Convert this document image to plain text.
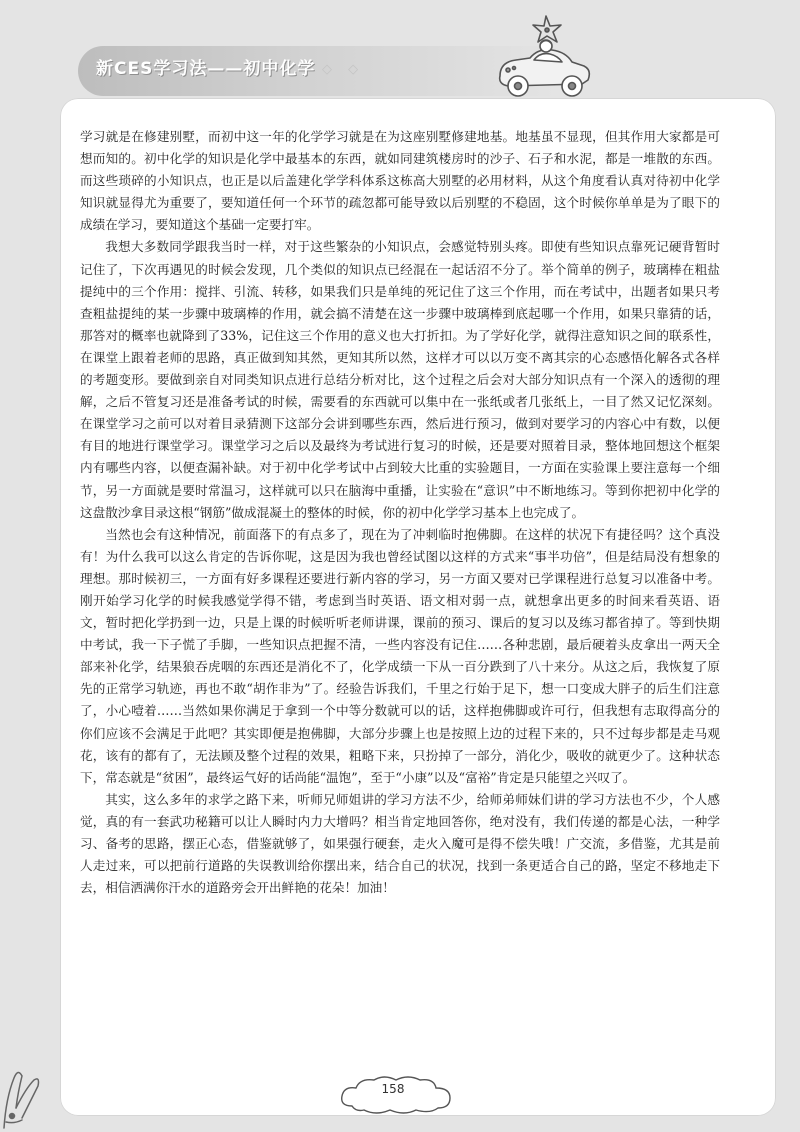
新CES学习法——初中化学 ◇ ◇

学习就是在修建别墅，而初中这一年的化学学习就是在为这座别墅修建地基。地基虽不显现，但其作用大家都是可想而知的。初中化学的知识是化学中最基本的东西，就如同建筑楼房时的沙子、石子和水泥，都是一堆散的东西。而这些琐碎的小知识点，也正是以后盖建化学学科体系这栋高大别墅的必用材料，从这个角度看认真对待初中化学知识就显得尤为重要了，要知道任何一个环节的疏忽都可能导致以后别墅的不稳固，这个时候你单单是为了眼下的成绩在学习，要知道这个基础一定要打牢。

我想大多数同学跟我当时一样，对于这些繁杂的小知识点，会感觉特别头疼。即使有些知识点靠死记硬背暂时记住了，下次再遇见的时候会发现，几个类似的知识点已经混在一起话沼不分了。举个简单的例子，玻璃棒在粗盐提纯中的三个作用：搅拌、引流、转移，如果我们只是单纯的死记住了这三个作用，而在考试中，出题者如果只考查粗盐提纯的某一步骤中玻璃棒的作用，就会搞不清楚在这一步骤中玻璃棒到底起哪一个作用，如果只靠猜的话，那答对的概率也就降到了33%，记住这三个作用的意义也大打折扣。为了学好化学，就得注意知识之间的联系性，在课堂上跟着老师的思路，真正做到知其然，更知其所以然，这样才可以以万变不离其宗的心态感悟化解各式各样的考题变形。要做到亲自对同类知识点进行总结分析对比，这个过程之后会对大部分知识点有一个深入的透彻的理解，之后不管复习还是准备考试的时候，需要看的东西就可以集中在一张纸或者几张纸上，一目了然又记忆深刻。在课堂学习之前可以对着目录猜测下这部分会讲到哪些东西，然后进行预习，做到对要学习的内容心中有数，以便有目的地进行课堂学习。课堂学习之后以及最终为考试进行复习的时候，还是要对照着目录，整体地回想这个框架内有哪些内容，以便查漏补缺。对于初中化学考试中占到较大比重的实验题目，一方面在实验课上要注意每一个细节，另一方面就是要时常温习，这样就可以只在脑海中重播，让实验在“意识”中不断地练习。等到你把初中化学的这盘散沙拿目录这根“钢筋”做成混凝土的整体的时候，你的初中化学学习基本上也完成了。

当然也会有这种情况，前面落下的有点多了，现在为了冲刺临时抱佛脚。在这样的状况下有捷径吗？这个真没有！为什么我可以这么肯定的告诉你呢，这是因为我也曾经试图以这样的方式来“事半功倍”，但是结局没有想象的理想。那时候初三，一方面有好多课程还要进行新内容的学习，另一方面又要对已学课程进行总复习以准备中考。刚开始学习化学的时候我感觉学得不错，考虑到当时英语、语文相对弱一点，就想拿出更多的时间来看英语、语文，暂时把化学扔到一边，只是上课的时候听听老师讲课，课前的预习、课后的复习以及练习都省掉了。等到快期中考试，我一下子慌了手脚，一些知识点把握不清，一些内容没有记住……各种悲剧，最后硬着头皮拿出一两天全部来补化学，结果狼吞虎咽的东西还是消化不了，化学成绩一下从一百分跌到了八十来分。从这之后，我恢复了原先的正常学习轨迹，再也不敢“胡作非为”了。经验告诉我们，千里之行始于足下，想一口变成大胖子的后生们注意了，小心噎着……当然如果你满足于拿到一个中等分数就可以的话，这样抱佛脚或许可行，但我想有志取得高分的你们应该不会满足于此吧？其实即便是抱佛脚，大部分步骤上也是按照上边的过程下来的，只不过每步都是走马观花，该有的都有了，无法顾及整个过程的效果，粗略下来，只扮掉了一部分，消化少，吸收的就更少了。这种状态下，常态就是“贫困”，最终运气好的话尚能“温饱”，至于“小康”以及“富裕”肯定是只能望之兴叹了。

其实，这么多年的求学之路下来，听师兄师姐讲的学习方法不少，给师弟师妹们讲的学习方法也不少，个人感觉，真的有一套武功秘籍可以让人瞬时内力大增吗？相当肯定地回答你，绝对没有，我们传递的都是心法，一种学习、备考的思路，摆正心态，借鉴就够了，如果强行硬套，走火入魔可是得不偿失哦！广交流，多借鉴，尤其是前人走过来，可以把前行道路的失误教训给你摆出来，结合自己的状况，找到一条更适合自己的路，坚定不移地走下去，相信洒满你汗水的道路旁会开出鲜艳的花朵！加油！

158
